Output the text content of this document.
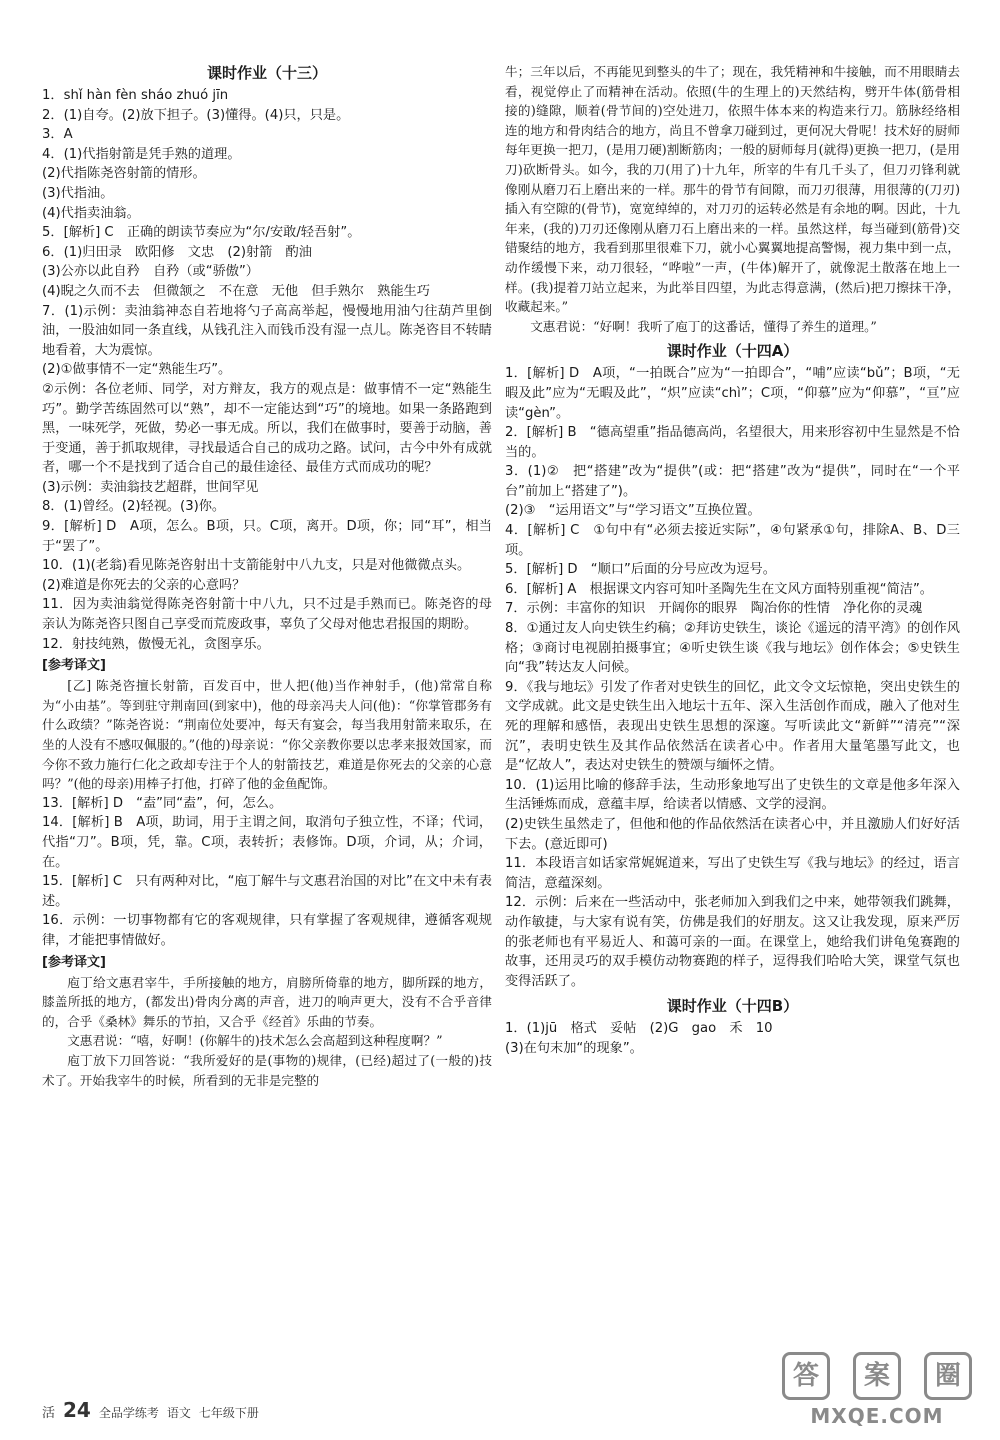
课时作业（十三）

1．shǐ hàn fèn sháo zhuó jīn

2．(1)自夸。(2)放下担子。(3)懂得。(4)只，只是。

3．A

4．(1)代指射箭是凭手熟的道理。

(2)代指陈尧咨射箭的情形。

(3)代指油。

(4)代指卖油翁。

5．[解析] C　正确的朗读节奏应为“尔/安敢/轻吾射”。

6．(1)归田录　欧阳修　文忠　(2)射箭　酌油

(3)公亦以此自矜　自矜（或“骄傲”）

(4)睨之久而不去　但微颔之　不在意　无他　但手熟尔　熟能生巧

7．(1)示例：卖油翁神态自若地将勺子高高举起，慢慢地用油勺往葫芦里倒油，一股油如同一条直线，从钱孔注入而钱币没有湿一点儿。陈尧咨目不转睛地看着，大为震惊。

(2)①做事情不一定“熟能生巧”。

②示例：各位老师、同学，对方辩友，我方的观点是：做事情不一定“熟能生巧”。勤学苦练固然可以“熟”，却不一定能达到“巧”的境地。如果一条路跑到黑，一味死学，死做，势必一事无成。所以，我们在做事时，要善于动脑，善于变通，善于抓取规律，寻找最适合自己的成功之路。试问，古今中外有成就者，哪一个不是找到了适合自己的最佳途径、最佳方式而成功的呢？

(3)示例：卖油翁技艺超群，世间罕见

8．(1)曾经。(2)轻视。(3)你。

9．[解析] D　A项，怎么。B项，只。C项，离开。D项，你；同“耳”，相当于“罢了”。

10．(1)(老翁)看见陈尧咨射出十支箭能射中八九支，只是对他微微点头。

(2)难道是你死去的父亲的心意吗？

11．因为卖油翁觉得陈尧咨射箭十中八九，只不过是手熟而已。陈尧咨的母亲认为陈尧咨只图自己享受而荒废政事，辜负了父母对他忠君报国的期盼。

12．射技纯熟，傲慢无礼，贪图享乐。

[参考译文]

[乙] 陈尧咨擅长射箭，百发百中，世人把(他)当作神射手，(他)常常自称为“小由基”。等到驻守荆南回(到家中)，他的母亲冯夫人问(他)：“你掌管郡务有什么政绩？”陈尧咨说：“荆南位处要冲，每天有宴会，每当我用射箭来取乐，在坐的人没有不感叹佩服的。”(他的)母亲说：“你父亲教你要以忠孝来报效国家，而今你不致力施行仁化之政却专注于个人的射箭技艺，难道是你死去的父亲的心意吗？”(他的母亲)用棒子打他，打碎了他的金鱼配饰。

13．[解析] D　“盍”同“盍”，何，怎么。

14．[解析] B　A项，助词，用于主谓之间，取消句子独立性，不译；代词，代指“刀”。B项，凭，靠。C项，表转折；表修饰。D项，介词，从；介词，在。

15．[解析] C　只有两种对比，“庖丁解牛与文惠君治国的对比”在文中未有表述。

16．示例：一切事物都有它的客观规律，只有掌握了客观规律，遵循客观规律，才能把事情做好。

[参考译文]

庖丁给文惠君宰牛，手所接触的地方，肩膀所倚靠的地方，脚所踩的地方，膝盖所抵的地方，(都发出)骨肉分离的声音，进刀的响声更大，没有不合乎音律的，合乎《桑林》舞乐的节拍，又合乎《经首》乐曲的节奏。

文惠君说：“嘻，好啊！(你解牛的)技术怎么会高超到这种程度啊？”

庖丁放下刀回答说：“我所爱好的是(事物的)规律，(已经)超过了(一般的)技术了。开始我宰牛的时候，所看到的无非是完整的

牛；三年以后，不再能见到整头的牛了；现在，我凭精神和牛接触，而不用眼睛去看，视觉停止了而精神在活动。依照(牛的生理上的)天然结构，劈开牛体(筋骨相接的)缝隙，顺着(骨节间的)空处进刀，依照牛体本来的构造来行刀。筋脉经络相连的地方和骨肉结合的地方，尚且不曾拿刀碰到过，更何况大骨呢！技术好的厨师每年更换一把刀，(是用刀硬)割断筋肉；一般的厨师每月(就得)更换一把刀，(是用刀)砍断骨头。如今，我的刀(用了)十九年，所宰的牛有几千头了，但刀刃锋利就像刚从磨刀石上磨出来的一样。那牛的骨节有间隙，而刀刃很薄，用很薄的(刀刃)插入有空隙的(骨节)，宽宽绰绰的，对刀刃的运转必然是有余地的啊。因此，十九年来，(我的)刀刃还像刚从磨刀石上磨出来的一样。虽然这样，每当碰到(筋骨)交错聚结的地方，我看到那里很难下刀，就小心翼翼地提高警惕，视力集中到一点，动作缓慢下来，动刀很轻，“哗啦”一声，(牛体)解开了，就像泥土散落在地上一样。(我)提着刀站立起来，为此举目四望，为此志得意满，(然后)把刀擦抹干净，收藏起来。”

文惠君说：“好啊！我听了庖丁的这番话，懂得了养生的道理。”

课时作业（十四A）

1．[解析] D　A项，“一拍既合”应为“一拍即合”，“哺”应读“bǔ”；B项，“无暇及此”应为“无暇及此”，“炽”应读“chì”；C项，“仰慕”应为“仰慕”，“亘”应读“gèn”。

2．[解析] B　“德高望重”指品德高尚，名望很大，用来形容初中生显然是不恰当的。

3．(1)②　把“搭建”改为“提供”(或：把“搭建”改为“提供”，同时在“一个平台”前加上“搭建了”)。

(2)③　“运用语文”与“学习语文”互换位置。

4．[解析] C　①句中有“必须去接近实际”，④句紧承①句，排除A、B、D三项。

5．[解析] D　“顺口”后面的分号应改为逗号。

6．[解析] A　根据课文内容可知叶圣陶先生在文风方面特别重视“简洁”。

7．示例：丰富你的知识　开阔你的眼界　陶冶你的性情　净化你的灵魂

8．①通过友人向史铁生约稿；②拜访史铁生，谈论《遥远的清平湾》的创作风格；③商讨电视剧拍摄事宜；④听史铁生谈《我与地坛》创作体会；⑤史铁生向“我”转达友人问候。

9．《我与地坛》引发了作者对史铁生的回忆，此文令文坛惊艳，突出史铁生的文学成就。此文是史铁生出入地坛十五年、深入生活创作而成，融入了他对生死的理解和感悟，表现出史铁生思想的深邃。写听读此文“新鲜”“清亮”“深沉”，表明史铁生及其作品依然活在读者心中。作者用大量笔墨写此文，也是“忆故人”，表达对史铁生的赞颂与缅怀之情。

10．(1)运用比喻的修辞手法，生动形象地写出了史铁生的文章是他多年深入生活锤炼而成，意蕴丰厚，给读者以情感、文学的浸润。

(2)史铁生虽然走了，但他和他的作品依然活在读者心中，并且激励人们好好活下去。(意近即可)

11．本段语言如话家常娓娓道来，写出了史铁生写《我与地坛》的经过，语言简洁，意蕴深刻。

12．示例：后来在一些活动中，张老师加入到我们之中来，她带领我们跳舞，动作敏捷，与大家有说有笑，仿佛是我们的好朋友。这又让我发现，原来严厉的张老师也有平易近人、和蔼可亲的一面。在课堂上，她给我们讲龟兔赛跑的故事，还用灵巧的双手模仿动物赛跑的样子，逗得我们哈哈大笑，课堂气氛也变得活跃了。

课时作业（十四B）

1．(1)jū　格式　妥帖　(2)G　gao　禾　10

(3)在句末加“的现象”。

活 24 全品学练考 语文 七年级下册
答	案	圈
MXQE.COM
